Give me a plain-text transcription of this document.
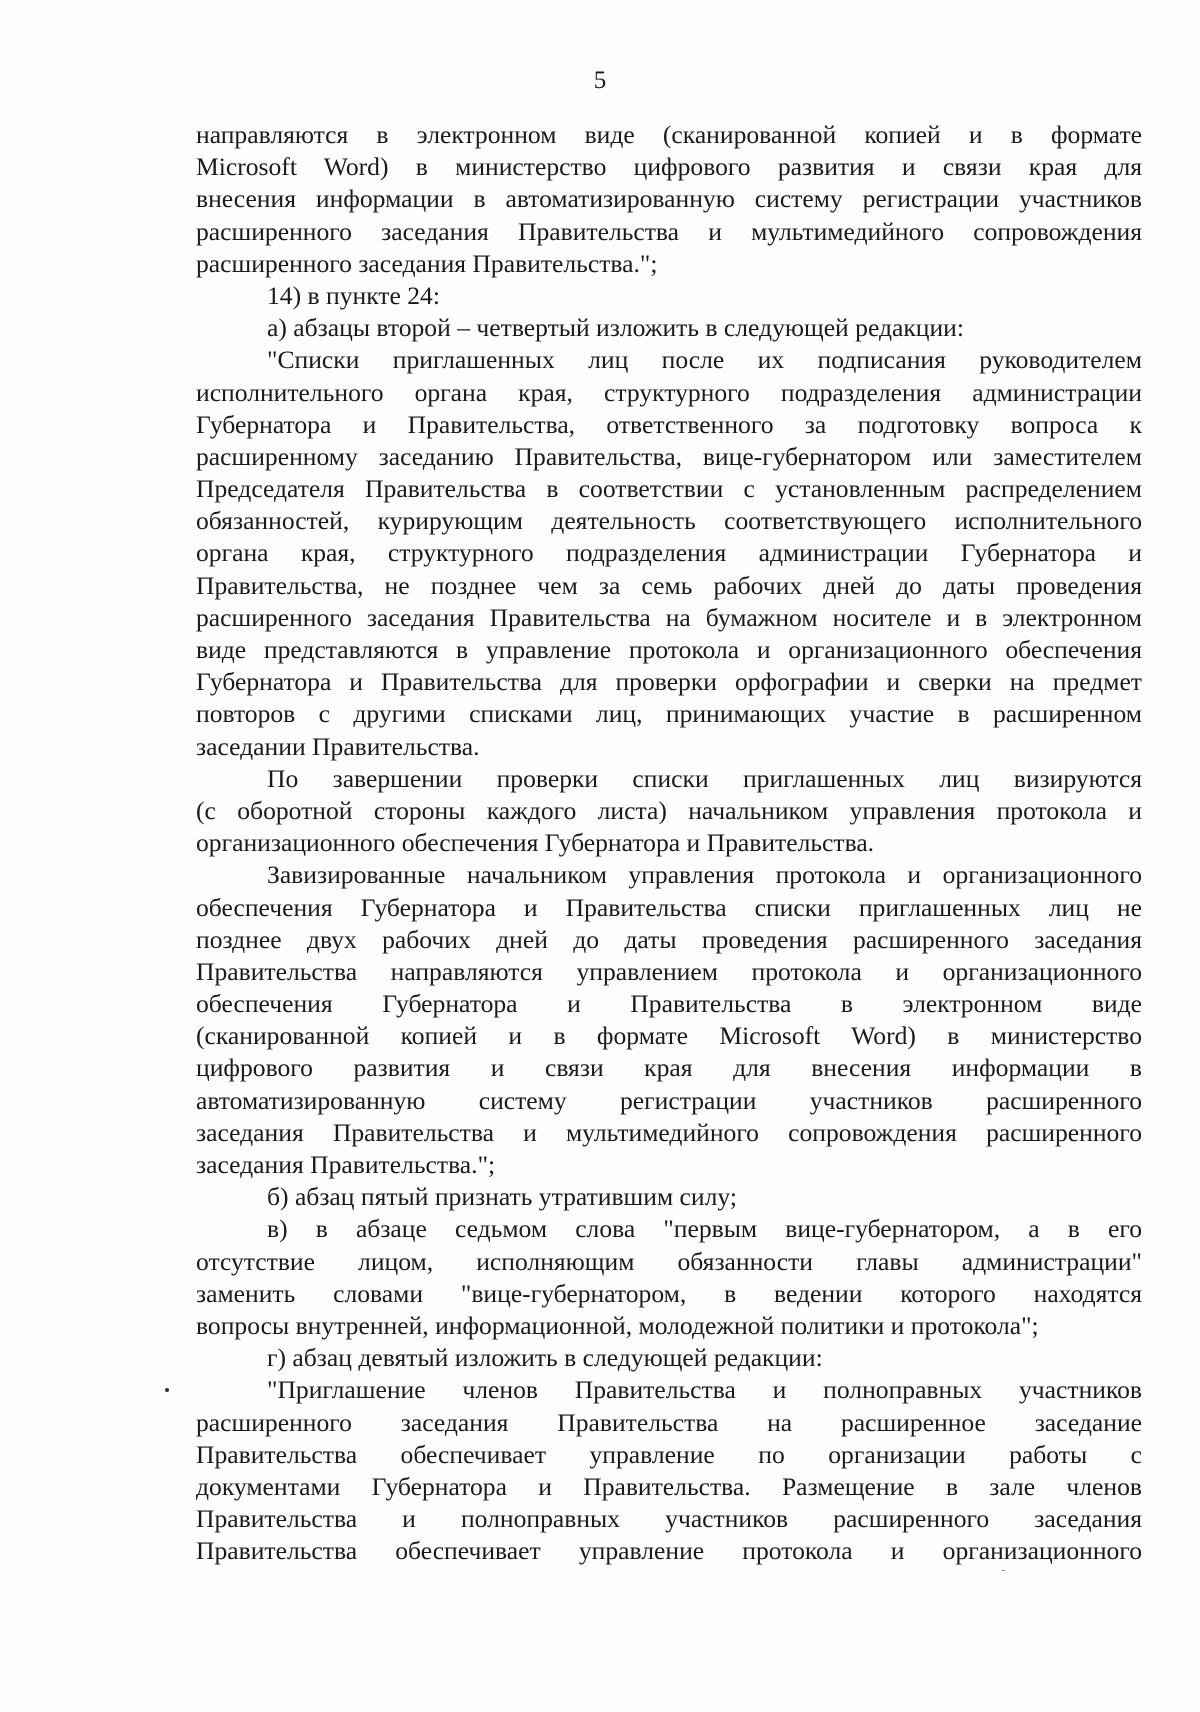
5
направляются в электронном виде (сканированной копией и в формате
Microsoft Word) в министерство цифрового развития и связи края для
внесения информации в автоматизированную систему регистрации участников
расширенного заседания Правительства и мультимедийного сопровождения
расширенного заседания Правительства.";
14) в пункте 24:
а) абзацы второй – четвертый изложить в следующей редакции:
"Списки приглашенных лиц после их подписания руководителем
исполнительного органа края, структурного подразделения администрации
Губернатора и Правительства, ответственного за подготовку вопроса к
расширенному заседанию Правительства, вице-губернатором или заместителем
Председателя Правительства в соответствии с установленным распределением
обязанностей, курирующим деятельность соответствующего исполнительного
органа края, структурного подразделения администрации Губернатора и
Правительства, не позднее чем за семь рабочих дней до даты проведения
расширенного заседания Правительства на бумажном носителе и в электронном
виде представляются в управление протокола и организационного обеспечения
Губернатора и Правительства для проверки орфографии и сверки на предмет
повторов с другими списками лиц, принимающих участие в расширенном
заседании Правительства.
По завершении проверки списки приглашенных лиц визируются
(с оборотной стороны каждого листа) начальником управления протокола и
организационного обеспечения Губернатора и Правительства.
Завизированные начальником управления протокола и организационного
обеспечения Губернатора и Правительства списки приглашенных лиц не
позднее двух рабочих дней до даты проведения расширенного заседания
Правительства направляются управлением протокола и организационного
обеспечения Губернатора и Правительства в электронном виде
(сканированной копией и в формате Microsoft Word) в министерство
цифрового развития и связи края для внесения информации в
автоматизированную систему регистрации участников расширенного
заседания Правительства и мультимедийного сопровождения расширенного
заседания Правительства.";
б) абзац пятый признать утратившим силу;
в) в абзаце седьмом слова "первым вице-губернатором, а в его
отсутствие лицом, исполняющим обязанности главы администрации"
заменить словами "вице-губернатором, в ведении которого находятся
вопросы внутренней, информационной, молодежной политики и протокола";
г) абзац девятый изложить в следующей редакции:
"Приглашение членов Правительства и полноправных участников
расширенного заседания Правительства на расширенное заседание
Правительства обеспечивает управление по организации работы с
документами Губернатора и Правительства. Размещение в зале членов
Правительства и полноправных участников расширенного заседания
Правительства обеспечивает управление протокола и организационного
